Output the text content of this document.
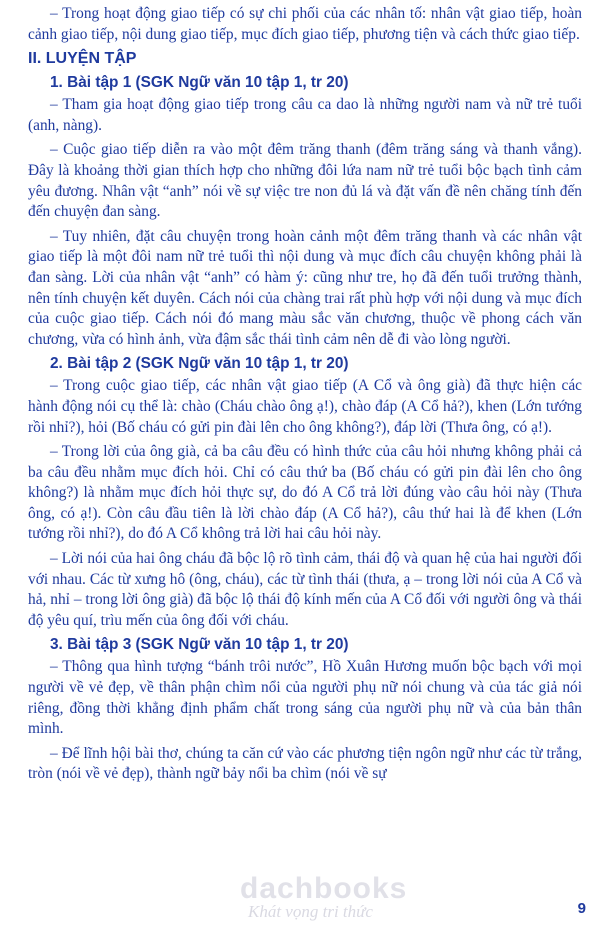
– Trong hoạt động giao tiếp có sự chi phối của các nhân tố: nhân vật giao tiếp, hoàn cảnh giao tiếp, nội dung giao tiếp, mục đích giao tiếp, phương tiện và cách thức giao tiếp.

II. LUYỆN TẬP
1. Bài tập 1 (SGK Ngữ văn 10 tập 1, tr 20)

– Tham gia hoạt động giao tiếp trong câu ca dao là những người nam và nữ trẻ tuổi (anh, nàng).

– Cuộc giao tiếp diễn ra vào một đêm trăng thanh (đêm trăng sáng và thanh vắng). Đây là khoảng thời gian thích hợp cho những đôi lứa nam nữ trẻ tuổi bộc bạch tình cảm yêu đương. Nhân vật “anh” nói về sự việc tre non đủ lá và đặt vấn đề nên chăng tính đến đến chuyện đan sàng.

– Tuy nhiên, đặt câu chuyện trong hoàn cảnh một đêm trăng thanh và các nhân vật giao tiếp là một đôi nam nữ trẻ tuổi thì nội dung và mục đích câu chuyện không phải là đan sàng. Lời của nhân vật “anh” có hàm ý: cũng như tre, họ đã đến tuổi trưởng thành, nên tính chuyện kết duyên. Cách nói của chàng trai rất phù hợp với nội dung và mục đích của cuộc giao tiếp. Cách nói đó mang màu sắc văn chương, thuộc về phong cách văn chương, vừa có hình ảnh, vừa đậm sắc thái tình cảm nên dễ đi vào lòng người.

2. Bài tập 2 (SGK Ngữ văn 10 tập 1, tr 20)

– Trong cuộc giao tiếp, các nhân vật giao tiếp (A Cổ và ông già) đã thực hiện các hành động nói cụ thể là: chào (Cháu chào ông ạ!), chào đáp (A Cổ hả?), khen (Lớn tướng rồi nhỉ?), hỏi (Bố cháu có gửi pin đài lên cho ông không?), đáp lời (Thưa ông, có ạ!).

– Trong lời của ông già, cả ba câu đều có hình thức của câu hỏi nhưng không phải cả ba câu đều nhằm mục đích hỏi. Chỉ có câu thứ ba (Bố cháu có gửi pin đài lên cho ông không?) là nhằm mục đích hỏi thực sự, do đó A Cổ trả lời đúng vào câu hỏi này (Thưa ông, có ạ!). Còn câu đầu tiên là lời chào đáp (A Cổ hả?), câu thứ hai là để khen (Lớn tướng rồi nhỉ?), do đó A Cổ không trả lời hai câu hỏi này.

– Lời nói của hai ông cháu đã bộc lộ rõ tình cảm, thái độ và quan hệ của hai người đối với nhau. Các từ xưng hô (ông, cháu), các từ tình thái (thưa, ạ – trong lời nói của A Cổ và hả, nhỉ – trong lời ông già) đã bộc lộ thái độ kính mến của A Cổ đối với người ông và thái độ yêu quí, trìu mến của ông đối với cháu.

3. Bài tập 3 (SGK Ngữ văn 10 tập 1, tr 20)

– Thông qua hình tượng “bánh trôi nước”, Hồ Xuân Hương muốn bộc bạch với mọi người về vẻ đẹp, về thân phận chìm nổi của người phụ nữ nói chung và của tác giả nói riêng, đồng thời khẳng định phẩm chất trong sáng của người phụ nữ và của bản thân mình.

– Để lĩnh hội bài thơ, chúng ta căn cứ vào các phương tiện ngôn ngữ như các từ trắng, tròn (nói về vẻ đẹp), thành ngữ bảy nổi ba chìm (nói về sự

dachbooks
Khát vọng tri thức	9
